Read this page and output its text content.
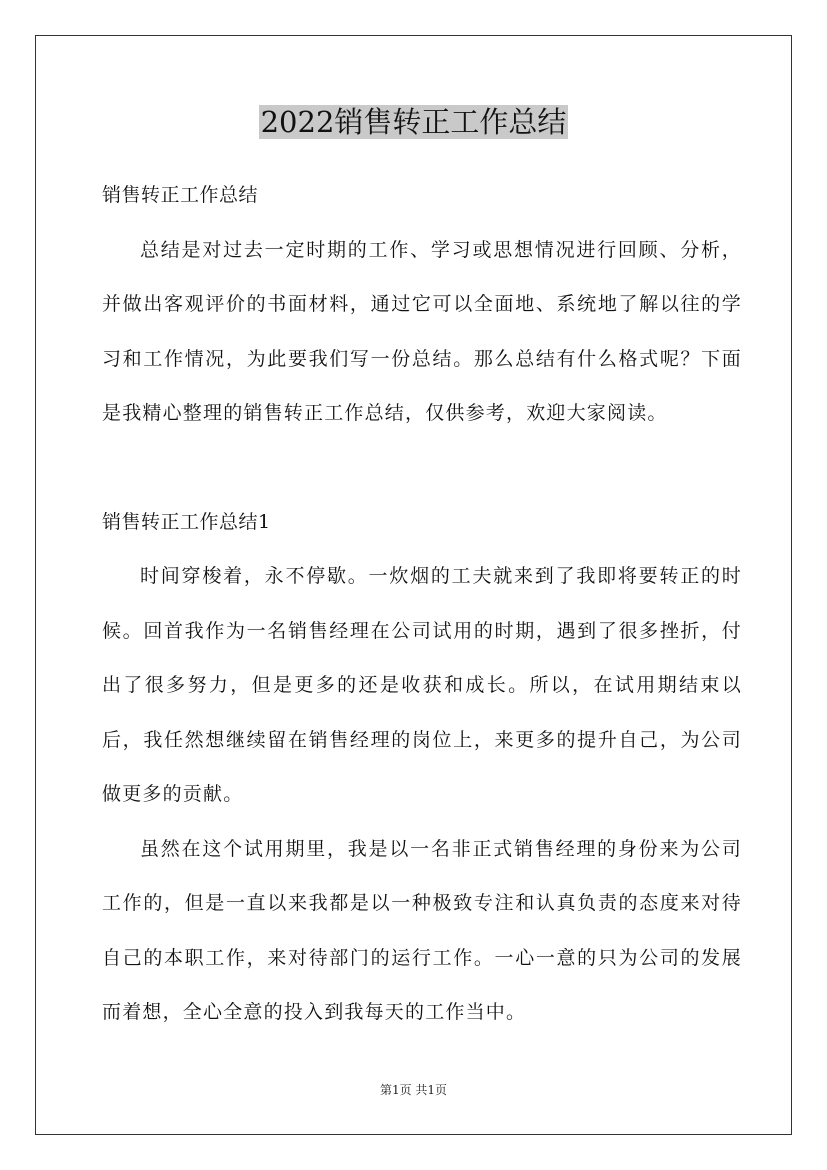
2022销售转正工作总结

销售转正工作总结

总结是对过去一定时期的工作、学习或思想情况进行回顾、分析，并做出客观评价的书面材料，通过它可以全面地、系统地了解以往的学习和工作情况，为此要我们写一份总结。那么总结有什么格式呢？下面是我精心整理的销售转正工作总结，仅供参考，欢迎大家阅读。

销售转正工作总结1

时间穿梭着，永不停歇。一炊烟的工夫就来到了我即将要转正的时候。回首我作为一名销售经理在公司试用的时期，遇到了很多挫折，付出了很多努力，但是更多的还是收获和成长。所以，在试用期结束以后，我任然想继续留在销售经理的岗位上，来更多的提升自己，为公司做更多的贡献。

虽然在这个试用期里，我是以一名非正式销售经理的身份来为公司工作的，但是一直以来我都是以一种极致专注和认真负责的态度来对待自己的本职工作，来对待部门的运行工作。一心一意的只为公司的发展而着想，全心全意的投入到我每天的工作当中。

第1页 共1页
